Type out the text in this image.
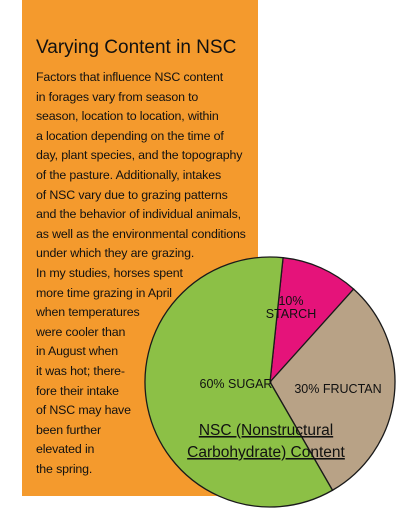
Varying Content in NSC
Factors that influence NSC content
in forages vary from season to
season, location to location, within
a location depending on the time of
day, plant species, and the topography
of the pasture. Additionally, intakes
of NSC vary due to grazing patterns
and the behavior of individual animals,
as well as the environmental conditions
under which they are grazing.
In my studies, horses spent
more time grazing in April
when temperatures
were cooler than
in August when
it was hot; there-
fore their intake
of NSC may have
been further
elevated in
the spring.
10% STARCH
30% FRUCTAN
60% SUGAR
NSC (Nonstructural Carbohydrate) Content
